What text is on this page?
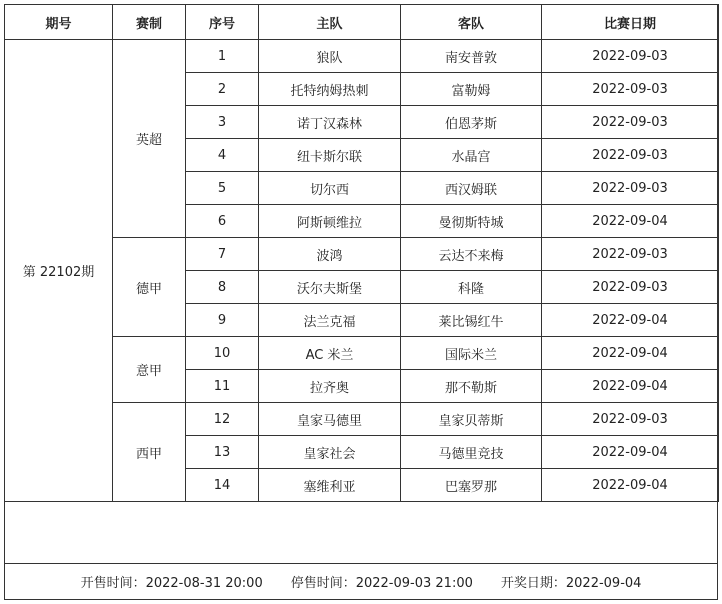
期号	赛制	序号	主队	客队	比赛日期
第 22102期	英超	1	狼队	南安普敦	2022-09-03
		2	托特纳姆热刺	富勒姆	2022-09-03
		3	诺丁汉森林	伯恩茅斯	2022-09-03
		4	纽卡斯尔联	水晶宫	2022-09-03
		5	切尔西	西汉姆联	2022-09-03
		6	阿斯顿维拉	曼彻斯特城	2022-09-04
	德甲	7	波鸿	云达不来梅	2022-09-03
		8	沃尔夫斯堡	科隆	2022-09-03
		9	法兰克福	莱比锡红牛	2022-09-04
	意甲	10	AC 米兰	国际米兰	2022-09-04
		11	拉齐奥	那不勒斯	2022-09-04
	西甲	12	皇家马德里	皇家贝蒂斯	2022-09-03
		13	皇家社会	马德里竞技	2022-09-04
		14	塞维利亚	巴塞罗那	2022-09-04
开售时间：2022-08-31 20:00 停售时间：2022-09-03 21:00 开奖日期：2022-09-04
